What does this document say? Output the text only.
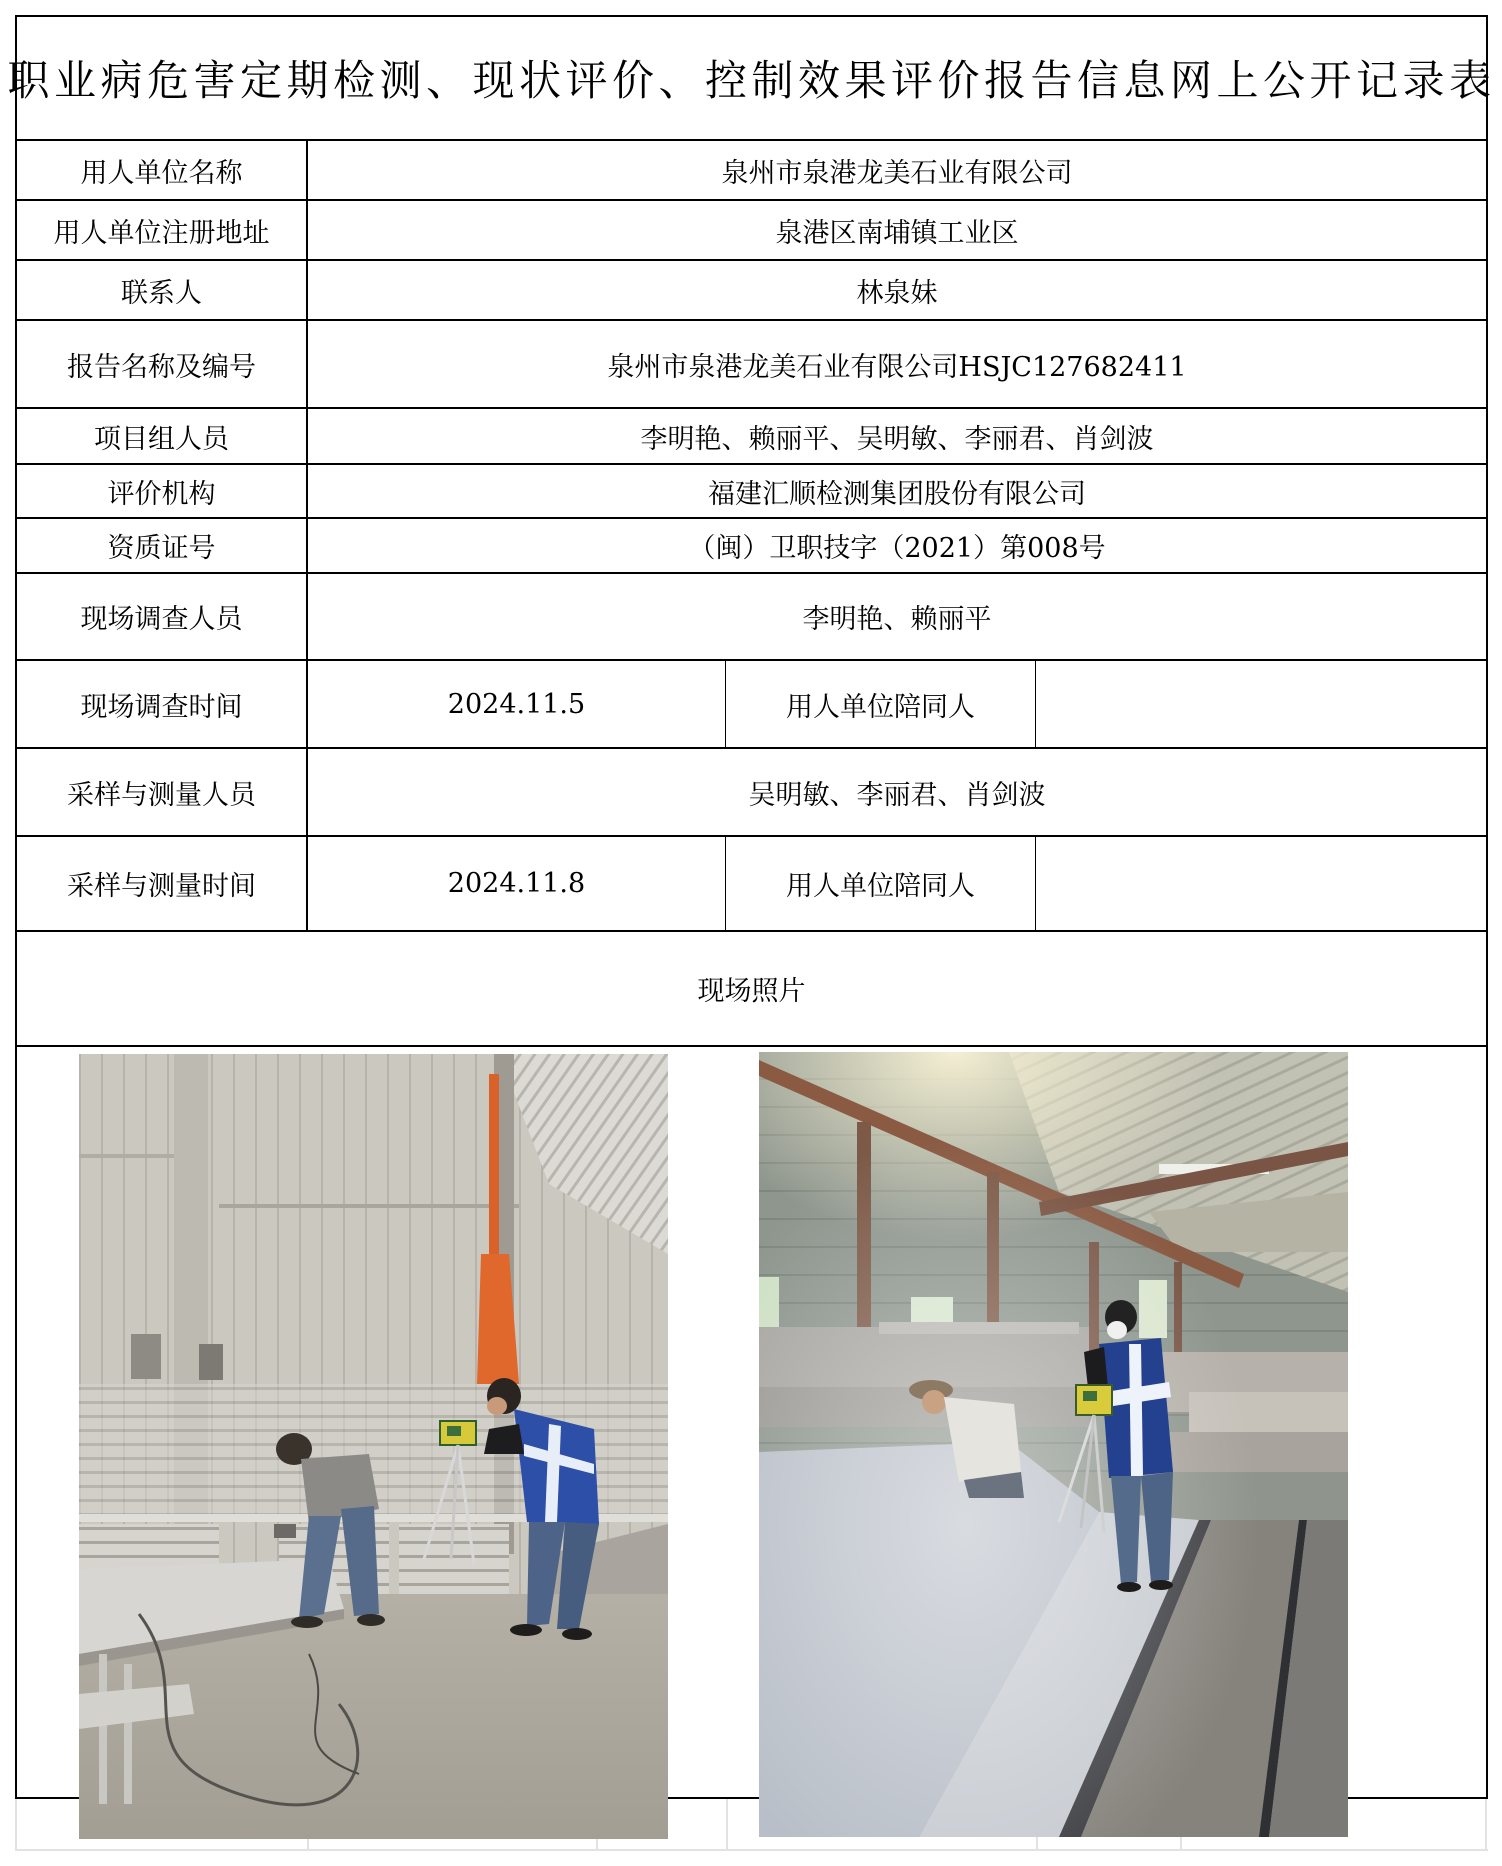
职业病危害定期检测、现状评价、控制效果评价报告信息网上公开记录表
用人单位名称	泉州市泉港龙美石业有限公司
用人单位注册地址	泉港区南埔镇工业区
联系人	林泉妹
报告名称及编号	泉州市泉港龙美石业有限公司HSJC127682411
项目组人员	李明艳、赖丽平、吴明敏、李丽君、肖剑波
评价机构	福建汇顺检测集团股份有限公司
资质证号	（闽）卫职技字（2021）第008号
现场调查人员	李明艳、赖丽平
现场调查时间	2024.11.5	用人单位陪同人
采样与测量人员	吴明敏、李丽君、肖剑波
采样与测量时间	2024.11.8	用人单位陪同人
现场照片
